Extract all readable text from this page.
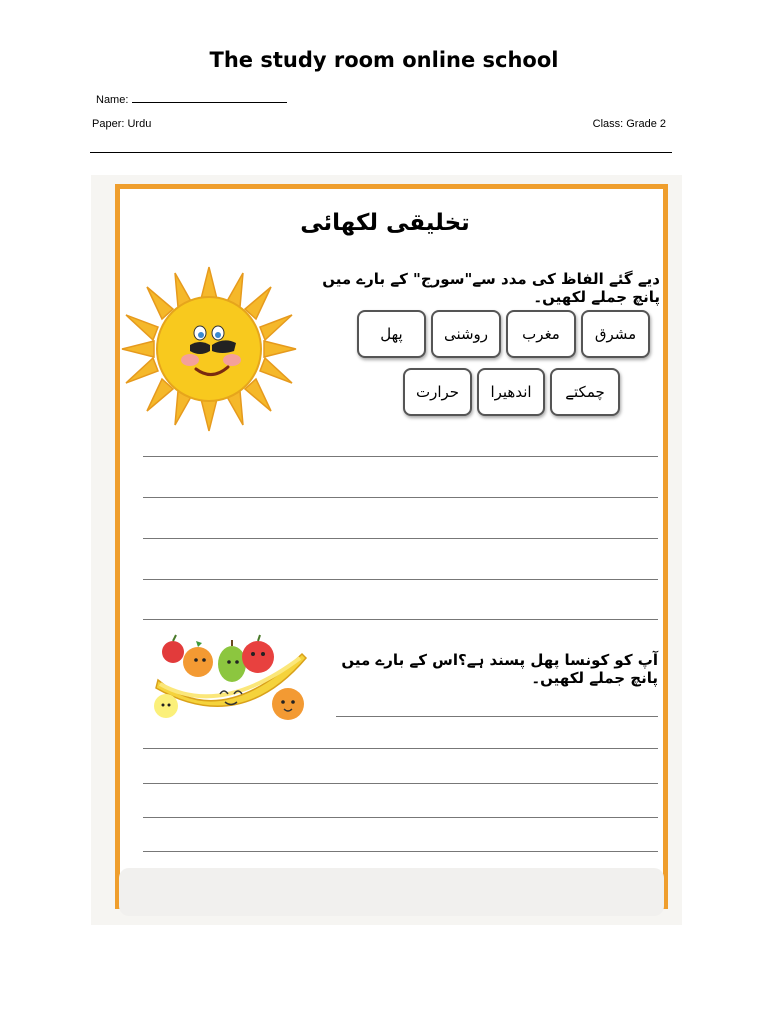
The study room online school
Name:
Paper: Urdu	Class: Grade 2
تخلیقی لکھائی
دیے گئے الفاظ کی مدد سے"سورج" کے بارے میں پانچ جملے لکھیں۔
مشرق
مغرب
روشنی
پھل
چمکتے
اندھیرا
حرارت
آپ کو کونسا پھل پسند ہے؟اس کے بارے میں پانچ جملے لکھیں۔
